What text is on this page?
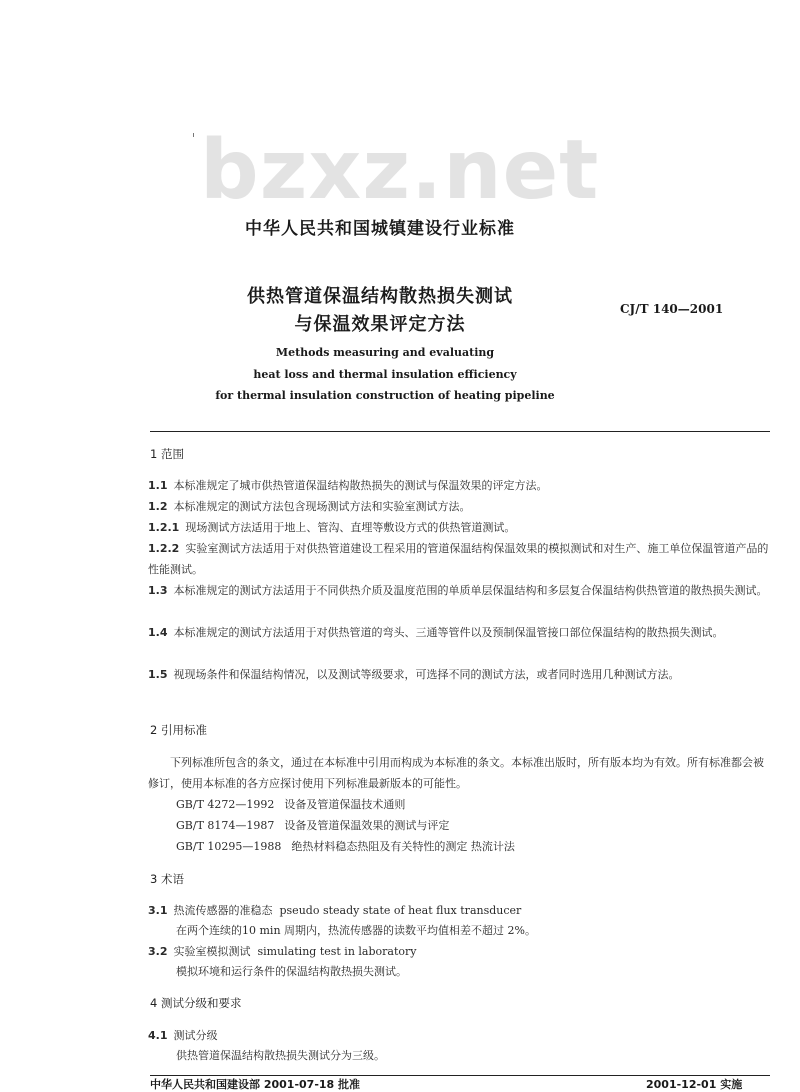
bzxz.net
中华人民共和国城镇建设行业标准
供热管道保温结构散热损失测试
与保温效果评定方法
CJ/T 140—2001
Methods measuring and evaluating
heat loss and thermal insulation efficiency
for thermal insulation construction of heating pipeline
1 范围
1.1 本标准规定了城市供热管道保温结构散热损失的测试与保温效果的评定方法。
1.2 本标准规定的测试方法包含现场测试方法和实验室测试方法。
1.2.1 现场测试方法适用于地上、管沟、直埋等敷设方式的供热管道测试。
1.2.2 实验室测试方法适用于对供热管道建设工程采用的管道保温结构保温效果的模拟测试和对生产、施工单位保温管道产品的性能测试。
1.3 本标准规定的测试方法适用于不同供热介质及温度范围的单质单层保温结构和多层复合保温结构供热管道的散热损失测试。
1.4 本标准规定的测试方法适用于对供热管道的弯头、三通等管件以及预制保温管接口部位保温结构的散热损失测试。
1.5 视现场条件和保温结构情况，以及测试等级要求，可选择不同的测试方法，或者同时选用几种测试方法。
2 引用标准
下列标准所包含的条文，通过在本标准中引用而构成为本标准的条文。本标准出版时，所有版本均为有效。所有标准都会被修订，使用本标准的各方应探讨使用下列标准最新版本的可能性。
GB/T 4272—1992 设备及管道保温技术通则
GB/T 8174—1987 设备及管道保温效果的测试与评定
GB/T 10295—1988 绝热材料稳态热阻及有关特性的测定 热流计法
3 术语
3.1 热流传感器的准稳态 pseudo steady state of heat flux transducer
在两个连续的10 min 周期内，热流传感器的读数平均值相差不超过 2%。
3.2 实验室模拟测试 simulating test in laboratory
模拟环境和运行条件的保温结构散热损失测试。
4 测试分级和要求
4.1 测试分级
供热管道保温结构散热损失测试分为三级。
中华人民共和国建设部 2001-07-18 批准	2001-12-01 实施
